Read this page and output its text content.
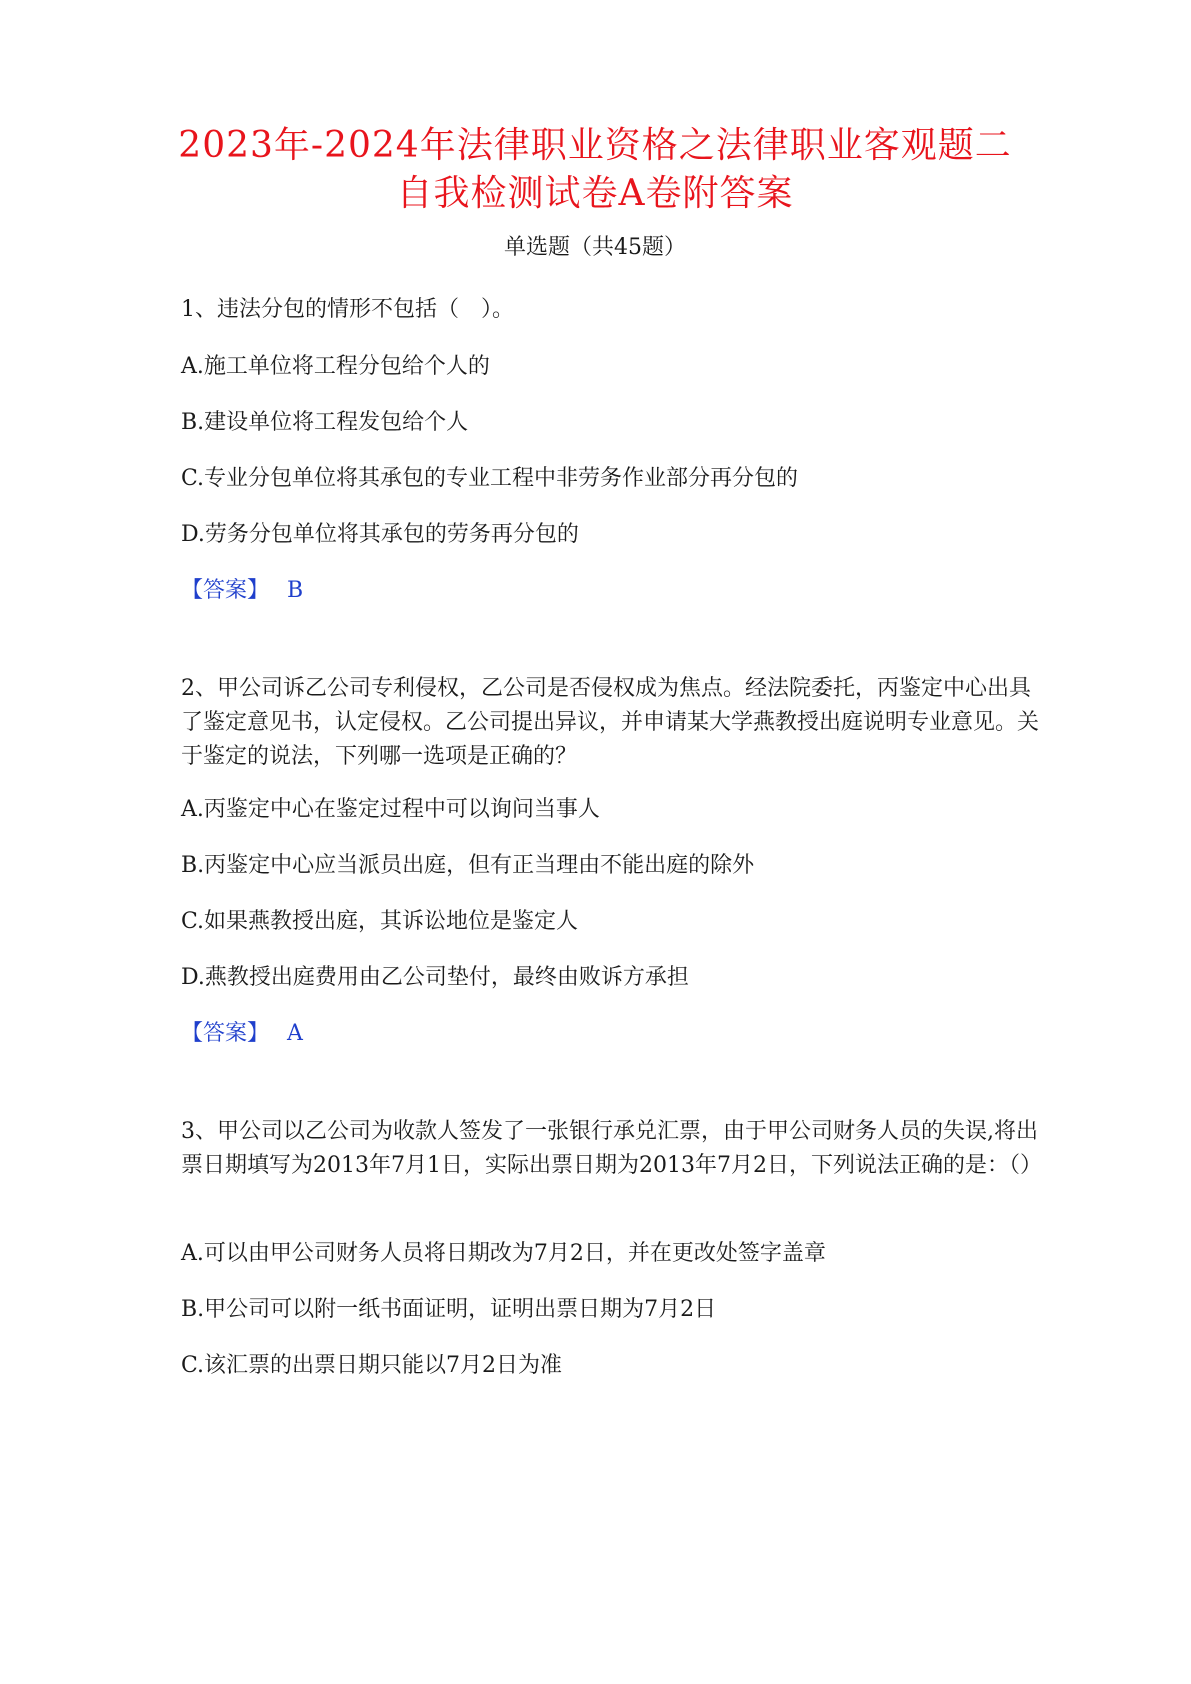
2023年-2024年法律职业资格之法律职业客观题二
自我检测试卷A卷附答案
单选题（共45题）
1、违法分包的情形不包括（　）。
A.施工单位将工程分包给个人的
B.建设单位将工程发包给个人
C.专业分包单位将其承包的专业工程中非劳务作业部分再分包的
D.劳务分包单位将其承包的劳务再分包的
【答案】 B
2、甲公司诉乙公司专利侵权，乙公司是否侵权成为焦点。经法院委托，丙鉴定中心出具了鉴定意见书，认定侵权。乙公司提出异议，并申请某大学燕教授出庭说明专业意见。关于鉴定的说法，下列哪一选项是正确的？
A.丙鉴定中心在鉴定过程中可以询问当事人
B.丙鉴定中心应当派员出庭，但有正当理由不能出庭的除外
C.如果燕教授出庭，其诉讼地位是鉴定人
D.燕教授出庭费用由乙公司垫付，最终由败诉方承担
【答案】 A
3、甲公司以乙公司为收款人签发了一张银行承兑汇票，由于甲公司财务人员的失误,将出票日期填写为2013年7月1日，实际出票日期为2013年7月2日，下列说法正确的是：（）
A.可以由甲公司财务人员将日期改为7月2日，并在更改处签字盖章
B.甲公司可以附一纸书面证明，证明出票日期为7月2日
C.该汇票的出票日期只能以7月2日为准
